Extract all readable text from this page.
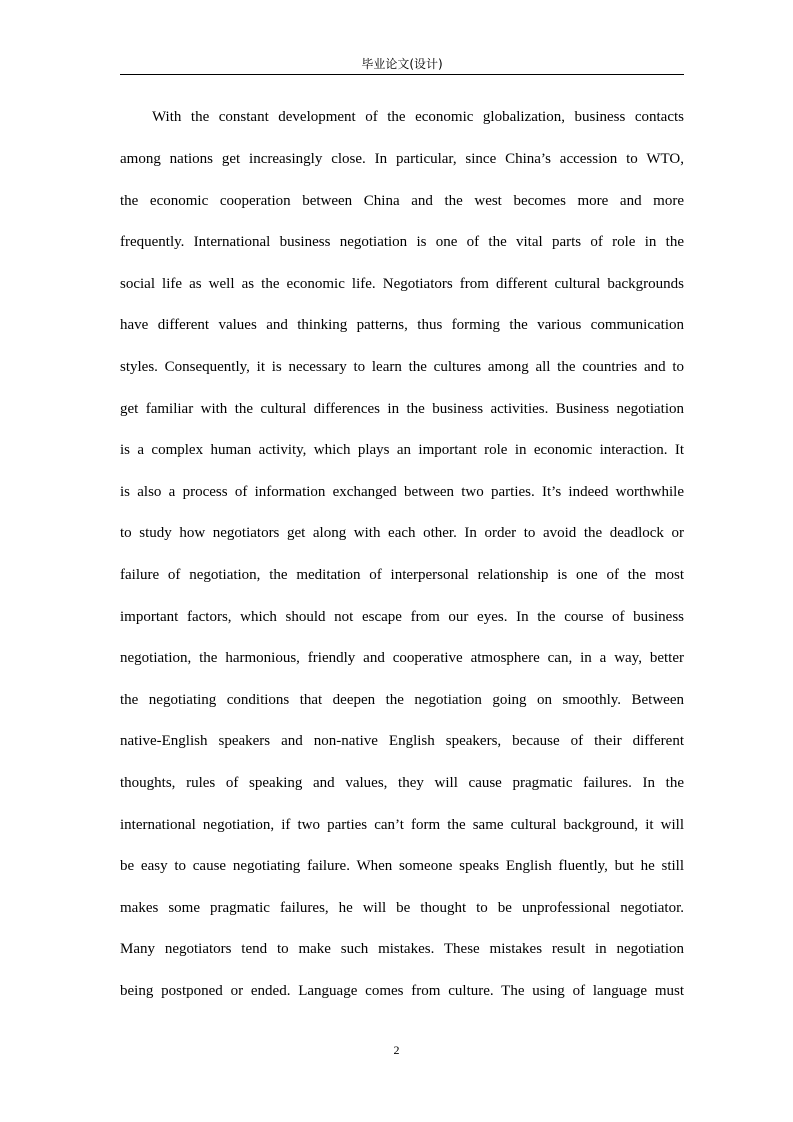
毕业论文(设计)
With the constant development of the economic globalization, business contacts
among nations get increasingly close. In particular, since China’s accession to WTO,
the economic cooperation between China and the west becomes more and more
frequently. International business negotiation is one of the vital parts of role in the
social life as well as the economic life. Negotiators from different cultural backgrounds
have different values and thinking patterns, thus forming the various communication
styles. Consequently, it is necessary to learn the cultures among all the countries and to
get familiar with the cultural differences in the business activities. Business negotiation
is a complex human activity, which plays an important role in economic interaction. It
is also a process of information exchanged between two parties. It’s indeed worthwhile
to study how negotiators get along with each other. In order to avoid the deadlock or
failure of negotiation, the meditation of interpersonal relationship is one of the most
important factors, which should not escape from our eyes. In the course of business
negotiation, the harmonious, friendly and cooperative atmosphere can, in a way, better
the negotiating conditions that deepen the negotiation going on smoothly. Between
native-English speakers and non-native English speakers, because of their different
thoughts, rules of speaking and values, they will cause pragmatic failures. In the
international negotiation, if two parties can’t form the same cultural background, it will
be easy to cause negotiating failure. When someone speaks English fluently, but he still
makes some pragmatic failures, he will be thought to be unprofessional negotiator.
Many negotiators tend to make such mistakes. These mistakes result in negotiation
being postponed or ended. Language comes from culture. The using of language must
2
